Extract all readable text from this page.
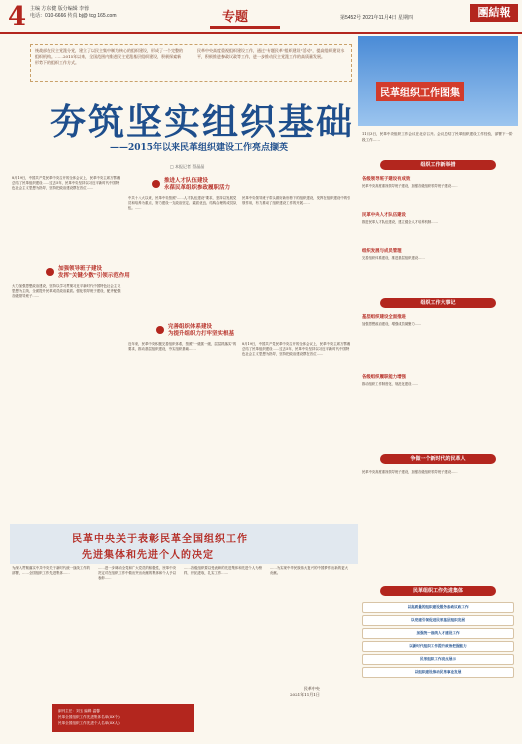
4 主编 方东健 版分编辑 李蓉
电话：010-6666 传真 bj@ tcg 165.com	专题	第5452号 2021年11月4日 星期四	團結報
统战部在民主党派分党，建立了以民主集中制为核心的组织建设，形成了一个完整的组织机构。……2015年以来，全国范围内推进民主党派基层组织建设，积极探索新形势下的组织工作方式。
民革中央高度重视组织建设工作，通过"专题民革"组织建设"活动"，提高组织建设水平，积极推进参政议政等工作，进一步推动民主党派工作的高质量发展。
夯筑坚实组织基础
——2015年以来民革组织建设工作亮点撷英
□ 本报记者 蔡晶晶
8月19日，中国共产党民革中央召开的全体会议上，民革中央主席万鄂湘总结了民革组织建设……过去5年，民革中央坚持以习近平新时代中国特色社会主义思想为指导，坚持把政治建设摆在首位……
加强领导班子建设
发挥"关键少数"引领示范作用
大力加强思想政治建设，坚持以学习贯彻习近平新时代中国特色社会主义思想为主线，全面提升民革成员政治素质。强化领导班子建设，配齐配强各级领导班子……
推进人才队伍建设
永葆民革组织参政履职活力
中共十八大以来，民革中央按照"……人才队伍建设"要求，坚持以发展党员和培养为重点，努力建设一支政治坚定、素质优良、结构合理的成员队伍。……
民革中央领导班子带头做好新形势下的组织建设，发挥在组织建设中的引领作用，有力推动了组织建设工作的开展……
完善组织体系建设
为提升组织力打牢坚实根基
近年来，民革中央积极完善组织体系，按照"一级抓一级，层层抓落实"的要求，推动基层组织建设，夯实组织基础……
8月19日，中国共产党民革中央召开的全体会议上，民革中央主席万鄂湘总结了民革组织建设……过去5年，民革中央坚持以习近平新时代中国特色社会主义思想为指导，坚持把政治建设摆在首位……
民革中央关于表彰民革全国组织工作
先进集体和先进个人的决定
为深入贯彻落实中共中央关于新时代统一战线工作的部署，……全国组织工作先进集体……
……进一步调动全党和广大党员的积极性，民革中央决定对在组织工作中做出突出贡献的集体和个人予以表彰……
……各级组织要以受表彰的先进集体和先进个人为榜样，开拓进取，扎实工作……
……为实现中华民族伟大复兴的中国梦作出新的更大贡献。
民革中央
2021年11月1日
副刊主任：刘玉 编辑 温馨
民革全国组织工作先进集体名单(XX个)
民革全国组织工作先进个人名单(XX人)
民革组织工作图集
11月3日，民革中央组织工作会议在北京召开。会议总结了民革组织建设工作经验，部署下一阶段工作……
组织工作新举措
各级领导班子建设有成效
民革中央高度重视领导班子建设，加强各级组织领导班子建设……
民革中央人才队伍建设
推进民革人才队伍建设，建立健全人才培养机制……
组织发展与成员管理
完善组织体系建设，推进基层组织建设……
组织工作大事记
基层组织建设全面推进
加强思想政治建设，增强成员凝聚力……
各级组织履职能力增强
推动组织工作制度化、规范化建设……
争做一个新时代的民革人
民革中央高度重视领导班子建设，加强各级组织领导班子建设……
民革组织工作先进集体
以高质量的组织建设服务参政议政工作
以党建引领促进民革基层组织发展
加强统一战线人才建设工作
以新时代组织工作提升政治把握能力
民革组织工作亮点展示
以组织建设推动民革事业发展
